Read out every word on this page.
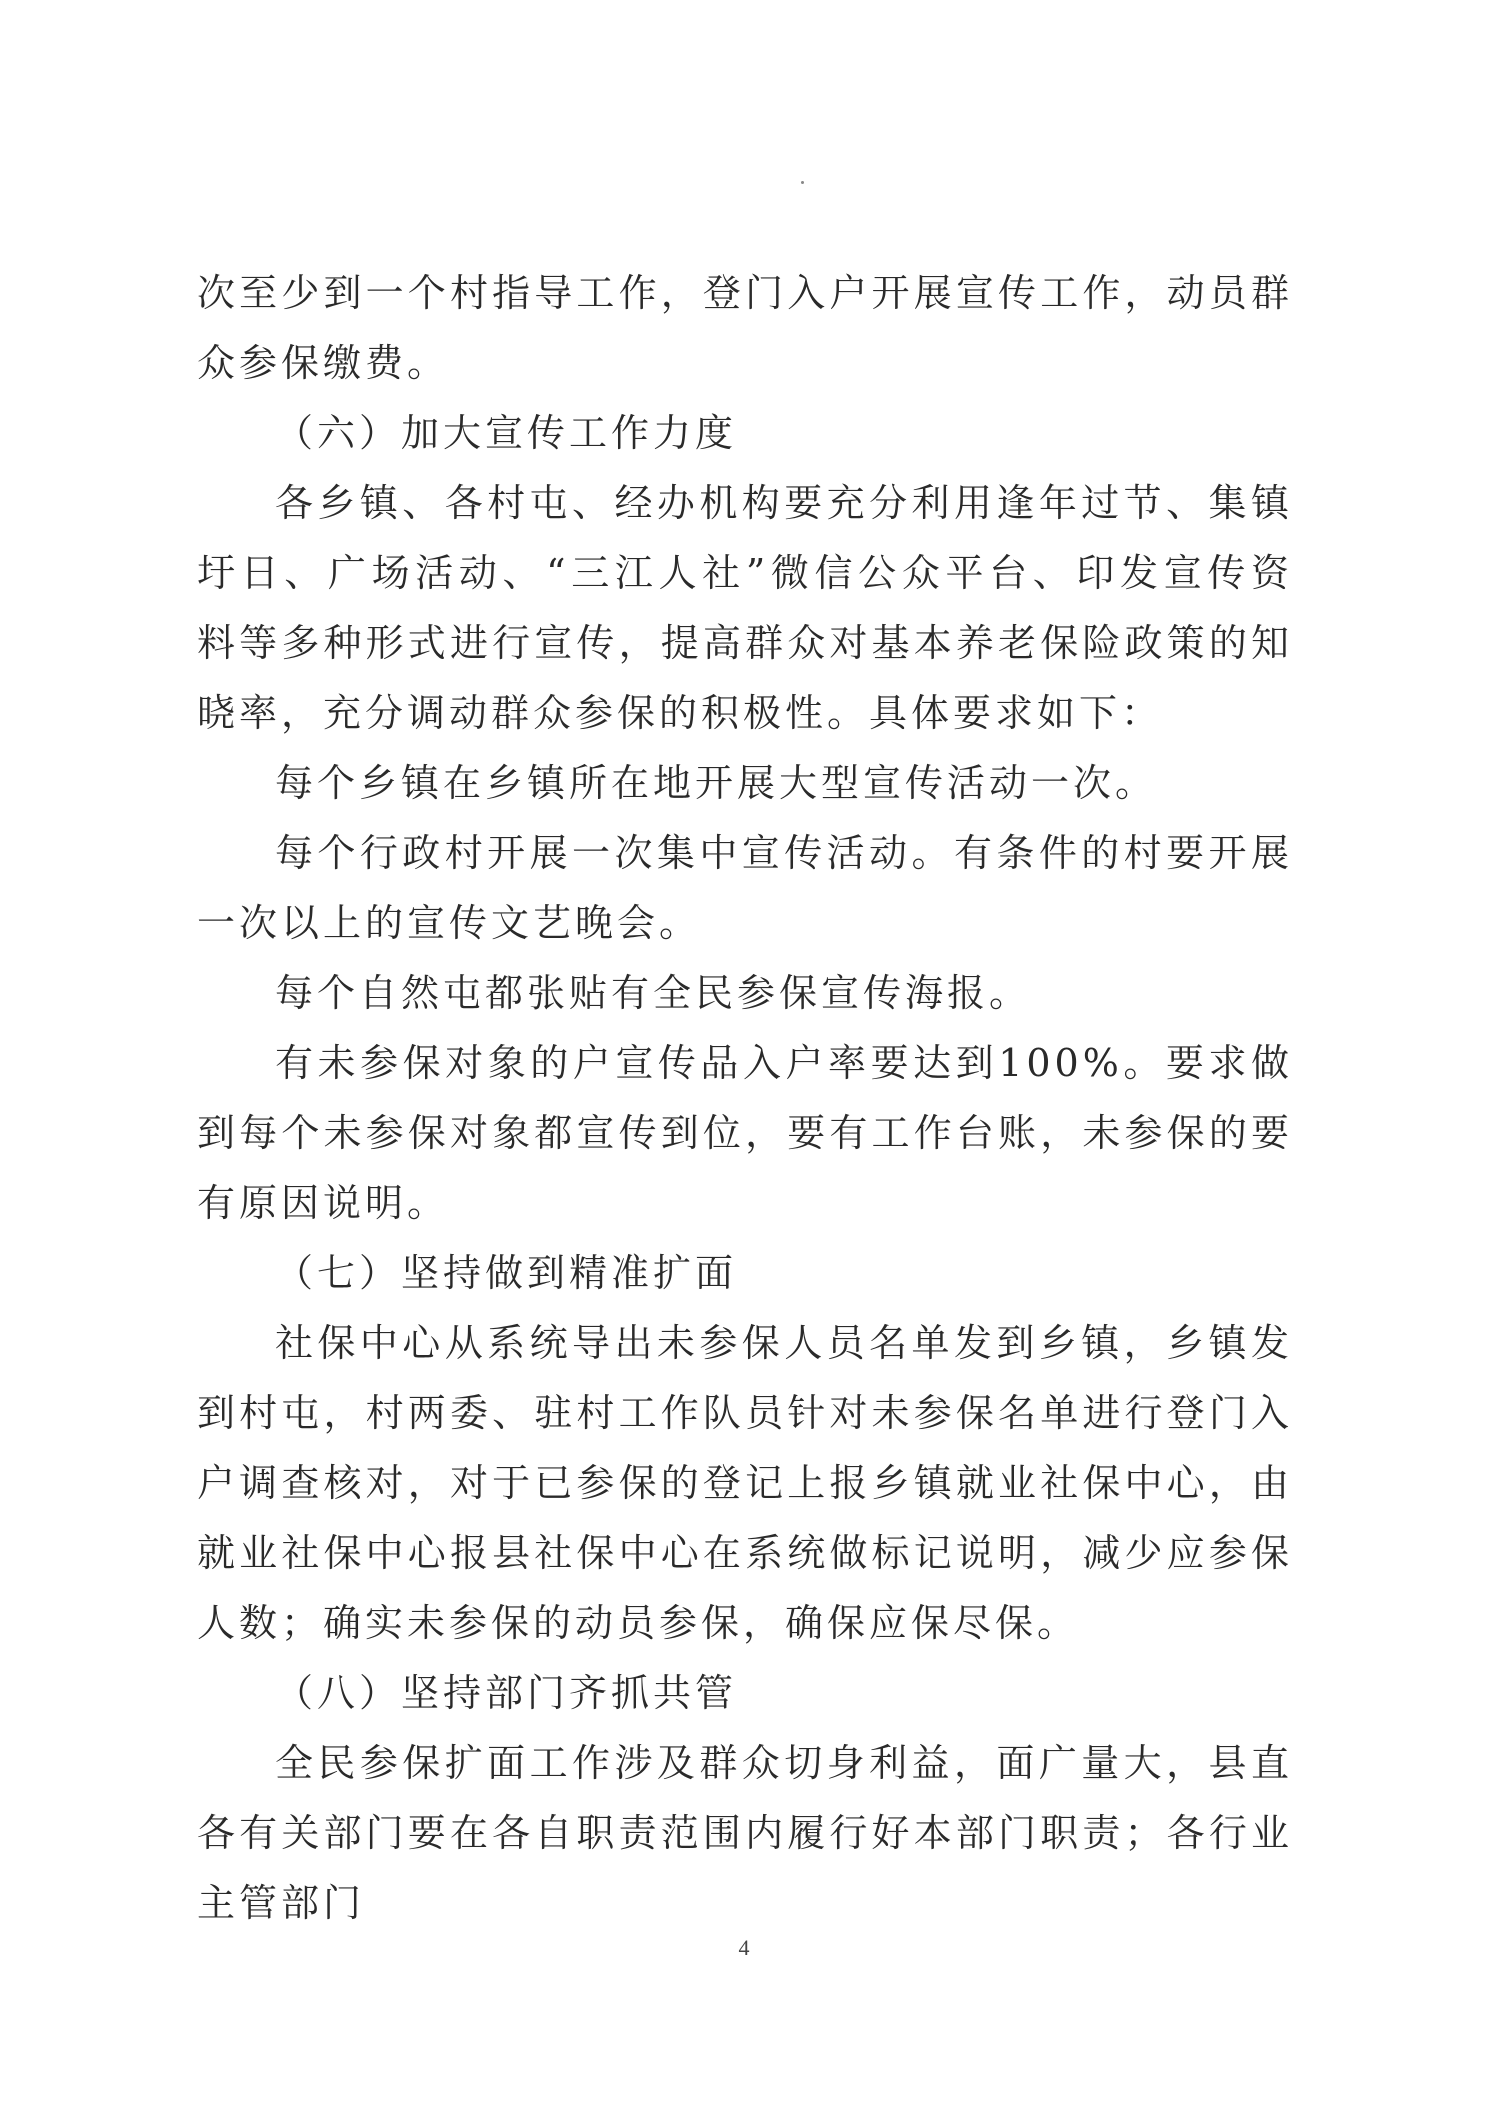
次至少到一个村指导工作，登门入户开展宣传工作，动员群众参保缴费。

（六）加大宣传工作力度

各乡镇、各村屯、经办机构要充分利用逢年过节、集镇圩日、广场活动、“三江人社”微信公众平台、印发宣传资料等多种形式进行宣传，提高群众对基本养老保险政策的知晓率，充分调动群众参保的积极性。具体要求如下：

每个乡镇在乡镇所在地开展大型宣传活动一次。

每个行政村开展一次集中宣传活动。有条件的村要开展一次以上的宣传文艺晚会。

每个自然屯都张贴有全民参保宣传海报。

有未参保对象的户宣传品入户率要达到100%。要求做到每个未参保对象都宣传到位，要有工作台账，未参保的要有原因说明。

（七）坚持做到精准扩面

社保中心从系统导出未参保人员名单发到乡镇，乡镇发到村屯，村两委、驻村工作队员针对未参保名单进行登门入户调查核对，对于已参保的登记上报乡镇就业社保中心，由就业社保中心报县社保中心在系统做标记说明，减少应参保人数；确实未参保的动员参保，确保应保尽保。

（八）坚持部门齐抓共管

全民参保扩面工作涉及群众切身利益，面广量大，县直各有关部门要在各自职责范围内履行好本部门职责；各行业主管部门

4
